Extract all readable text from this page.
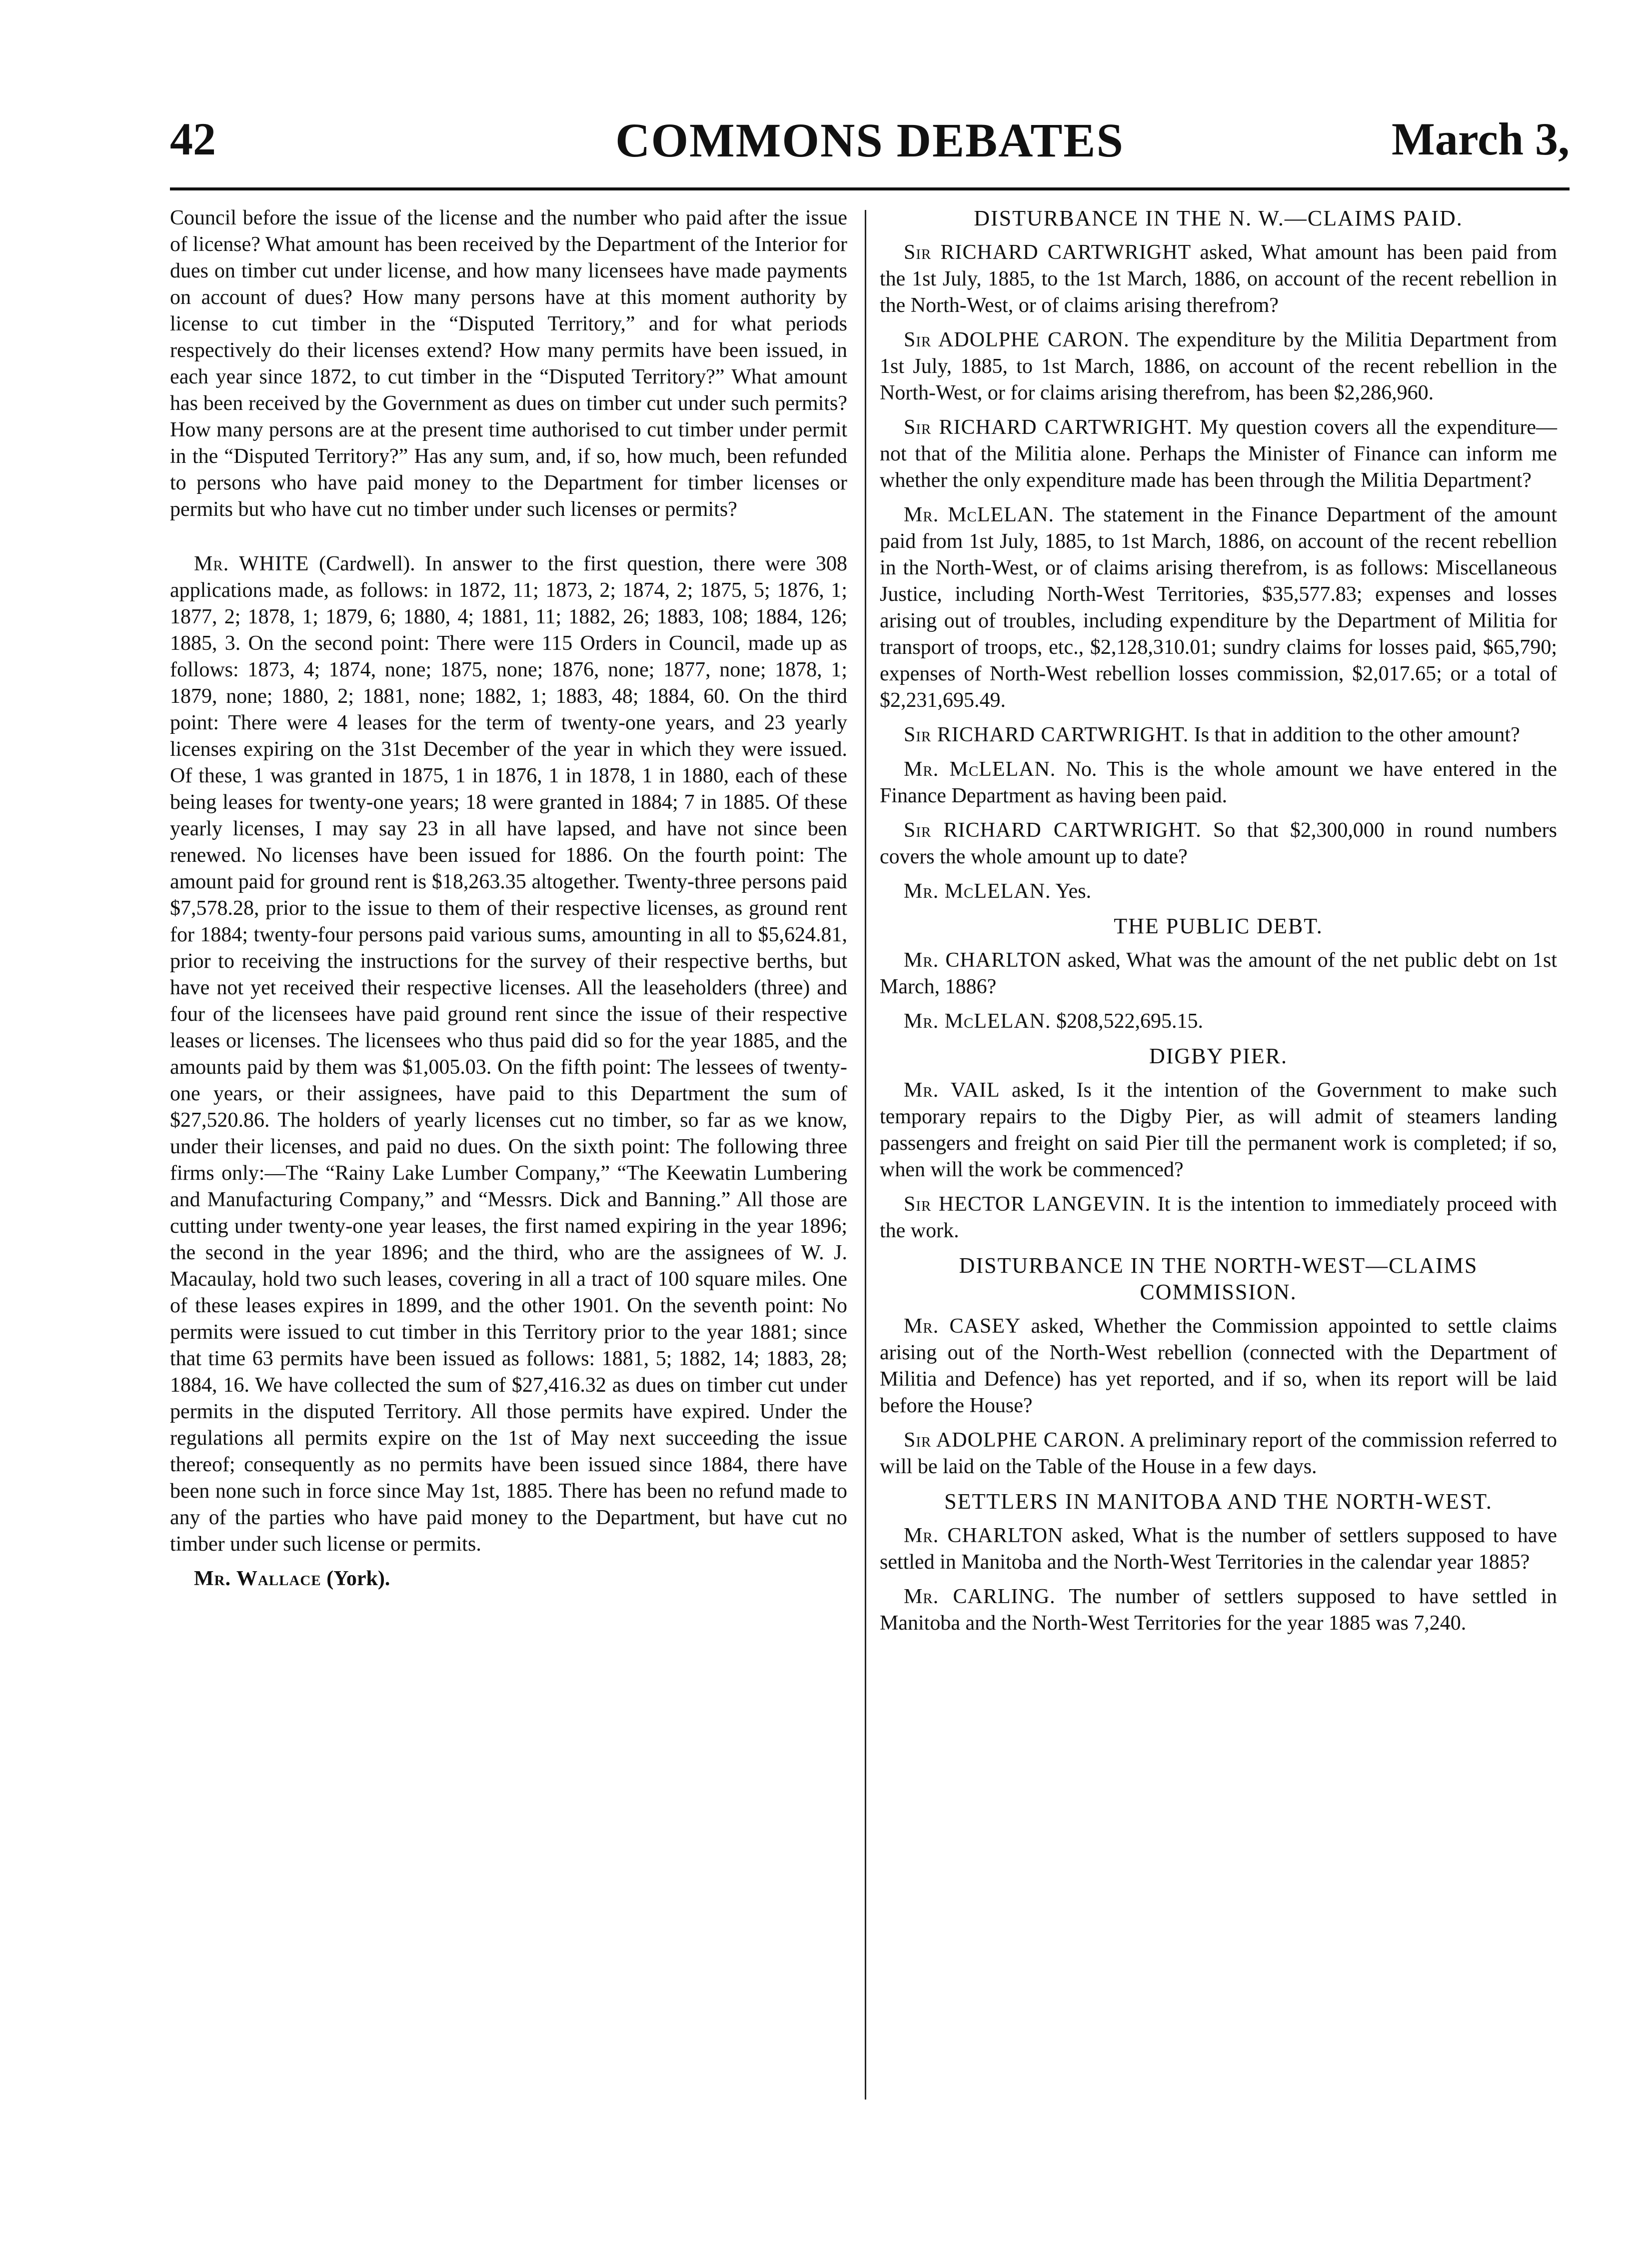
COMMONS DEBATES
42	March 3,

Council before the issue of the license and the number who paid after the issue of license? What amount has been received by the Department of the Interior for dues on timber cut under license, and how many licensees have made payments on account of dues? How many persons have at this moment authority by license to cut timber in the “Disputed Territory,” and for what periods respectively do their licenses extend? How many permits have been issued, in each year since 1872, to cut timber in the “Disputed Territory?” What amount has been received by the Government as dues on timber cut under such permits? How many persons are at the present time authorised to cut timber under permit in the “Disputed Territory?” Has any sum, and, if so, how much, been refunded to persons who have paid money to the Department for timber licenses or permits but who have cut no timber under such licenses or permits?

Mr. WHITE (Cardwell). In answer to the first question, there were 308 applications made, as follows: in 1872, 11; 1873, 2; 1874, 2; 1875, 5; 1876, 1; 1877, 2; 1878, 1; 1879, 6; 1880, 4; 1881, 11; 1882, 26; 1883, 108; 1884, 126; 1885, 3. On the second point: There were 115 Orders in Council, made up as follows: 1873, 4; 1874, none; 1875, none; 1876, none; 1877, none; 1878, 1; 1879, none; 1880, 2; 1881, none; 1882, 1; 1883, 48; 1884, 60. On the third point: There were 4 leases for the term of twenty-one years, and 23 yearly licenses expiring on the 31st December of the year in which they were issued. Of these, 1 was granted in 1875, 1 in 1876, 1 in 1878, 1 in 1880, each of these being leases for twenty-one years; 18 were granted in 1884; 7 in 1885. Of these yearly licenses, I may say 23 in all have lapsed, and have not since been renewed. No licenses have been issued for 1886. On the fourth point: The amount paid for ground rent is $18,263.35 altogether. Twenty-three persons paid $7,578.28, prior to the issue to them of their respective licenses, as ground rent for 1884; twenty-four persons paid various sums, amounting in all to $5,624.81, prior to receiving the instructions for the survey of their respective berths, but have not yet received their respective licenses. All the leaseholders (three) and four of the licensees have paid ground rent since the issue of their respective leases or licenses. The licensees who thus paid did so for the year 1885, and the amounts paid by them was $1,005.03. On the fifth point: The lessees of twenty-one years, or their assignees, have paid to this Department the sum of $27,520.86. The holders of yearly licenses cut no timber, so far as we know, under their licenses, and paid no dues. On the sixth point: The following three firms only:—The “Rainy Lake Lumber Company,” “The Keewatin Lumbering and Manufacturing Company,” and “Messrs. Dick and Banning.” All those are cutting under twenty-one year leases, the first named expiring in the year 1896; the second in the year 1896; and the third, who are the assignees of W. J. Macaulay, hold two such leases, covering in all a tract of 100 square miles. One of these leases expires in 1899, and the other 1901. On the seventh point: No permits were issued to cut timber in this Territory prior to the year 1881; since that time 63 permits have been issued as follows: 1881, 5; 1882, 14; 1883, 28; 1884, 16. We have collected the sum of $27,416.32 as dues on timber cut under permits in the disputed Territory. All those permits have expired. Under the regulations all permits expire on the 1st of May next succeeding the issue thereof; consequently as no permits have been issued since 1884, there have been none such in force since May 1st, 1885. There has been no refund made to any of the parties who have paid money to the Department, but have cut no timber under such license or permits.

Mr. Wallace (York).

DISTURBANCE IN THE N. W.—CLAIMS PAID.

Sir RICHARD CARTWRIGHT asked, What amount has been paid from the 1st July, 1885, to the 1st March, 1886, on account of the recent rebellion in the North-West, or of claims arising therefrom?

Sir ADOLPHE CARON. The expenditure by the Militia Department from 1st July, 1885, to 1st March, 1886, on account of the recent rebellion in the North-West, or for claims arising therefrom, has been $2,286,960.

Sir RICHARD CARTWRIGHT. My question covers all the expenditure—not that of the Militia alone. Perhaps the Minister of Finance can inform me whether the only expenditure made has been through the Militia Department?

Mr. McLELAN. The statement in the Finance Department of the amount paid from 1st July, 1885, to 1st March, 1886, on account of the recent rebellion in the North-West, or of claims arising therefrom, is as follows: Miscellaneous Justice, including North-West Territories, $35,577.83; expenses and losses arising out of troubles, including expenditure by the Department of Militia for transport of troops, etc., $2,128,310.01; sundry claims for losses paid, $65,790; expenses of North-West rebellion losses commission, $2,017.65; or a total of $2,231,695.49.

Sir RICHARD CARTWRIGHT. Is that in addition to the other amount?

Mr. McLELAN. No. This is the whole amount we have entered in the Finance Department as having been paid.

Sir RICHARD CARTWRIGHT. So that $2,300,000 in round numbers covers the whole amount up to date?

Mr. McLELAN. Yes.

THE PUBLIC DEBT.

Mr. CHARLTON asked, What was the amount of the net public debt on 1st March, 1886?

Mr. McLELAN. $208,522,695.15.

DIGBY PIER.

Mr. VAIL asked, Is it the intention of the Government to make such temporary repairs to the Digby Pier, as will admit of steamers landing passengers and freight on said Pier till the permanent work is completed; if so, when will the work be commenced?

Sir HECTOR LANGEVIN. It is the intention to immediately proceed with the work.

DISTURBANCE IN THE NORTH-WEST—CLAIMS COMMISSION.

Mr. CASEY asked, Whether the Commission appointed to settle claims arising out of the North-West rebellion (connected with the Department of Militia and Defence) has yet reported, and if so, when its report will be laid before the House?

Sir ADOLPHE CARON. A preliminary report of the commission referred to will be laid on the Table of the House in a few days.

SETTLERS IN MANITOBA AND THE NORTH-WEST.

Mr. CHARLTON asked, What is the number of settlers supposed to have settled in Manitoba and the North-West Territories in the calendar year 1885?

Mr. CARLING. The number of settlers supposed to have settled in Manitoba and the North-West Territories for the year 1885 was 7,240.
